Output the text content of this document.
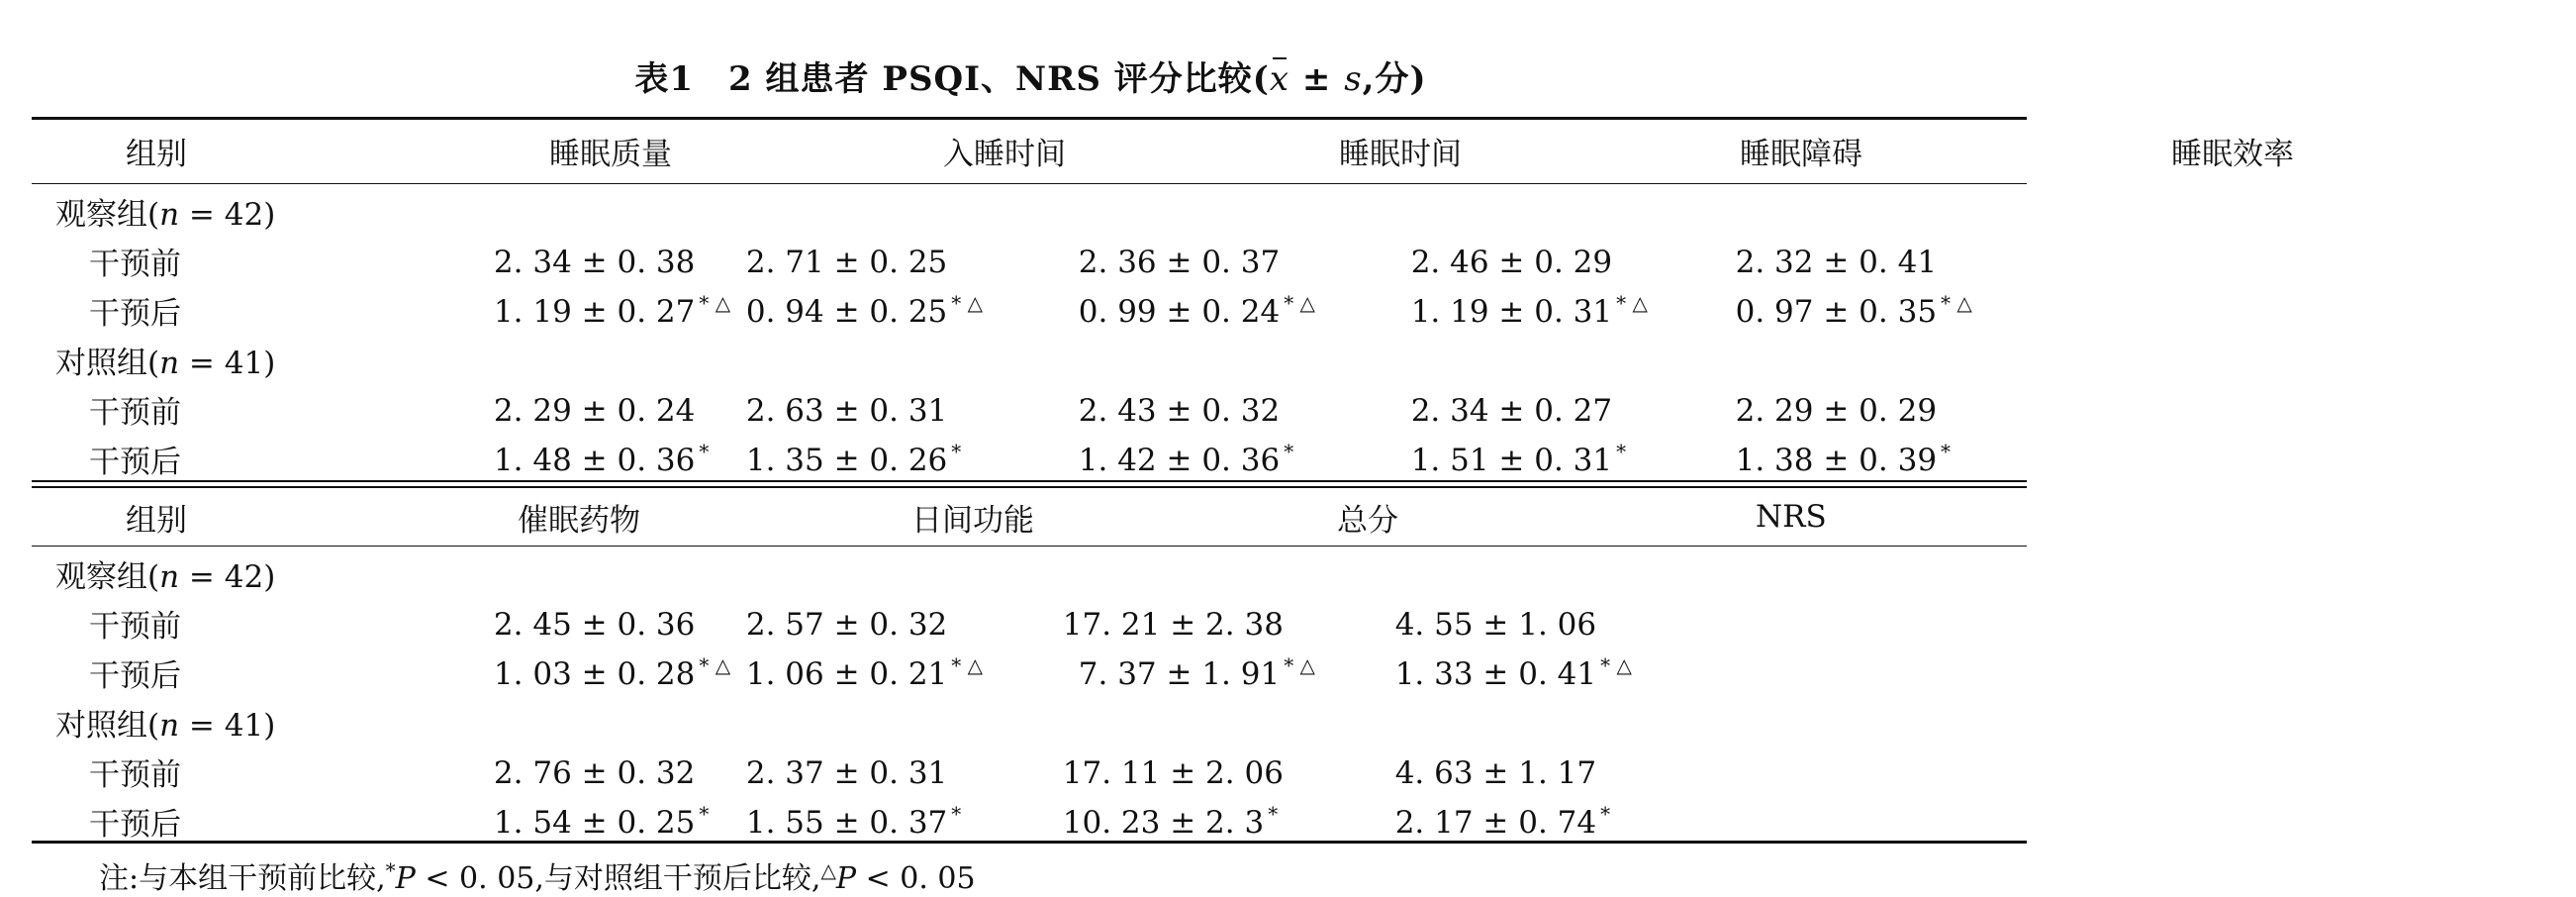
表1　2 组患者 PSQI、NRS 评分比较(x ± s,分)
组别	睡眠质量	入睡时间	睡眠时间	睡眠障碍	睡眠效率
观察组(n = 42)					
干预前	2. 34 ± 0. 38	2. 71 ± 0. 25	2. 36 ± 0. 37	2. 46 ± 0. 29	2. 32 ± 0. 41
干预后	1. 19 ± 0. 27 * △	0. 94 ± 0. 25 * △	0. 99 ± 0. 24 * △	1. 19 ± 0. 31 * △	0. 97 ± 0. 35 * △
对照组(n = 41)					
干预前	2. 29 ± 0. 24	2. 63 ± 0. 31	2. 43 ± 0. 32	2. 34 ± 0. 27	2. 29 ± 0. 29
干预后	1. 48 ± 0. 36 *	1. 35 ± 0. 26 *	1. 42 ± 0. 36 *	1. 51 ± 0. 31 *	1. 38 ± 0. 39 *
组别	催眠药物	日间功能	总分	NRS	
观察组(n = 42)					
干预前	2. 45 ± 0. 36	2. 57 ± 0. 32	17. 21 ± 2. 38	4. 55 ± 1. 06	
干预后	1. 03 ± 0. 28 * △	1. 06 ± 0. 21 * △	7. 37 ± 1. 91 * △	1. 33 ± 0. 41 * △	
对照组(n = 41)					
干预前	2. 76 ± 0. 32	2. 37 ± 0. 31	17. 11 ± 2. 06	4. 63 ± 1. 17	
干预后	1. 54 ± 0. 25 *	1. 55 ± 0. 37 *	10. 23 ± 2. 3 *	2. 17 ± 0. 74 *	
注:与本组干预前比较,*P < 0. 05,与对照组干预后比较,△P < 0. 05
